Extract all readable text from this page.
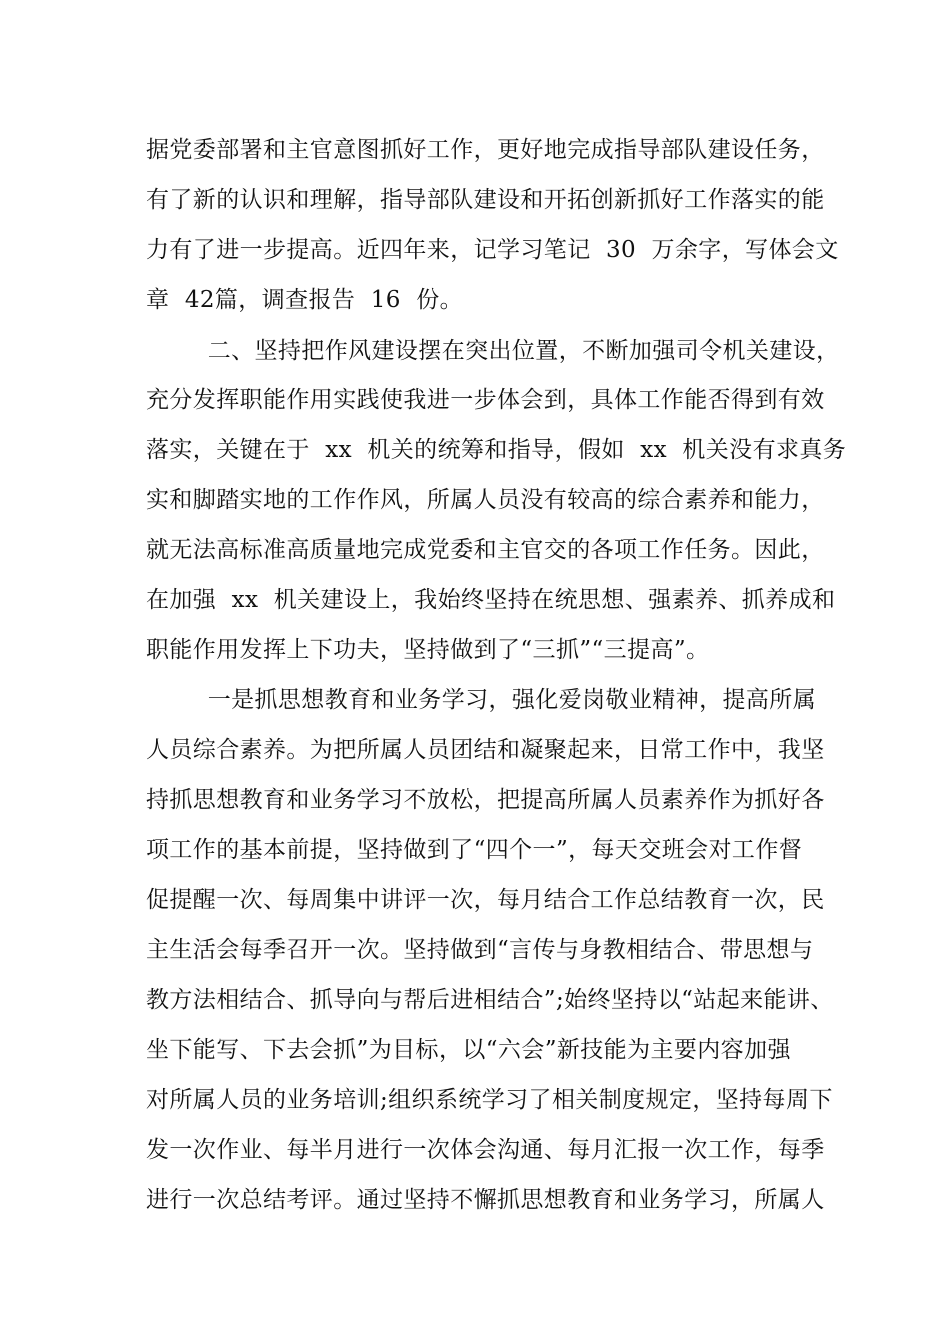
据党委部署和主官意图抓好工作，更好地完成指导部队建设任务，
有了新的认识和理解，指导部队建设和开拓创新抓好工作落实的能
力有了进一步提高。近四年来，记学习笔记  30  万余字，写体会文
章  42篇，调查报告  16  份。
二、坚持把作风建设摆在突出位置，不断加强司令机关建设，
充分发挥职能作用实践使我进一步体会到，具体工作能否得到有效
落实，关键在于  xx  机关的统筹和指导，假如  xx  机关没有求真务
实和脚踏实地的工作作风，所属人员没有较高的综合素养和能力，
就无法高标准高质量地完成党委和主官交的各项工作任务。因此，
在加强  xx  机关建设上，我始终坚持在统思想、强素养、抓养成和
职能作用发挥上下功夫，坚持做到了“三抓”“三提高”。
一是抓思想教育和业务学习，强化爱岗敬业精神，提高所属
人员综合素养。为把所属人员团结和凝聚起来，日常工作中，我坚
持抓思想教育和业务学习不放松，把提高所属人员素养作为抓好各
项工作的基本前提，坚持做到了“四个一”，每天交班会对工作督
促提醒一次、每周集中讲评一次，每月结合工作总结教育一次，民
主生活会每季召开一次。坚持做到“言传与身教相结合、带思想与
教方法相结合、抓导向与帮后进相结合”;始终坚持以“站起来能讲、
坐下能写、下去会抓”为目标，以“六会”新技能为主要内容加强
对所属人员的业务培训;组织系统学习了相关制度规定，坚持每周下
发一次作业、每半月进行一次体会沟通、每月汇报一次工作，每季
进行一次总结考评。通过坚持不懈抓思想教育和业务学习，所属人
